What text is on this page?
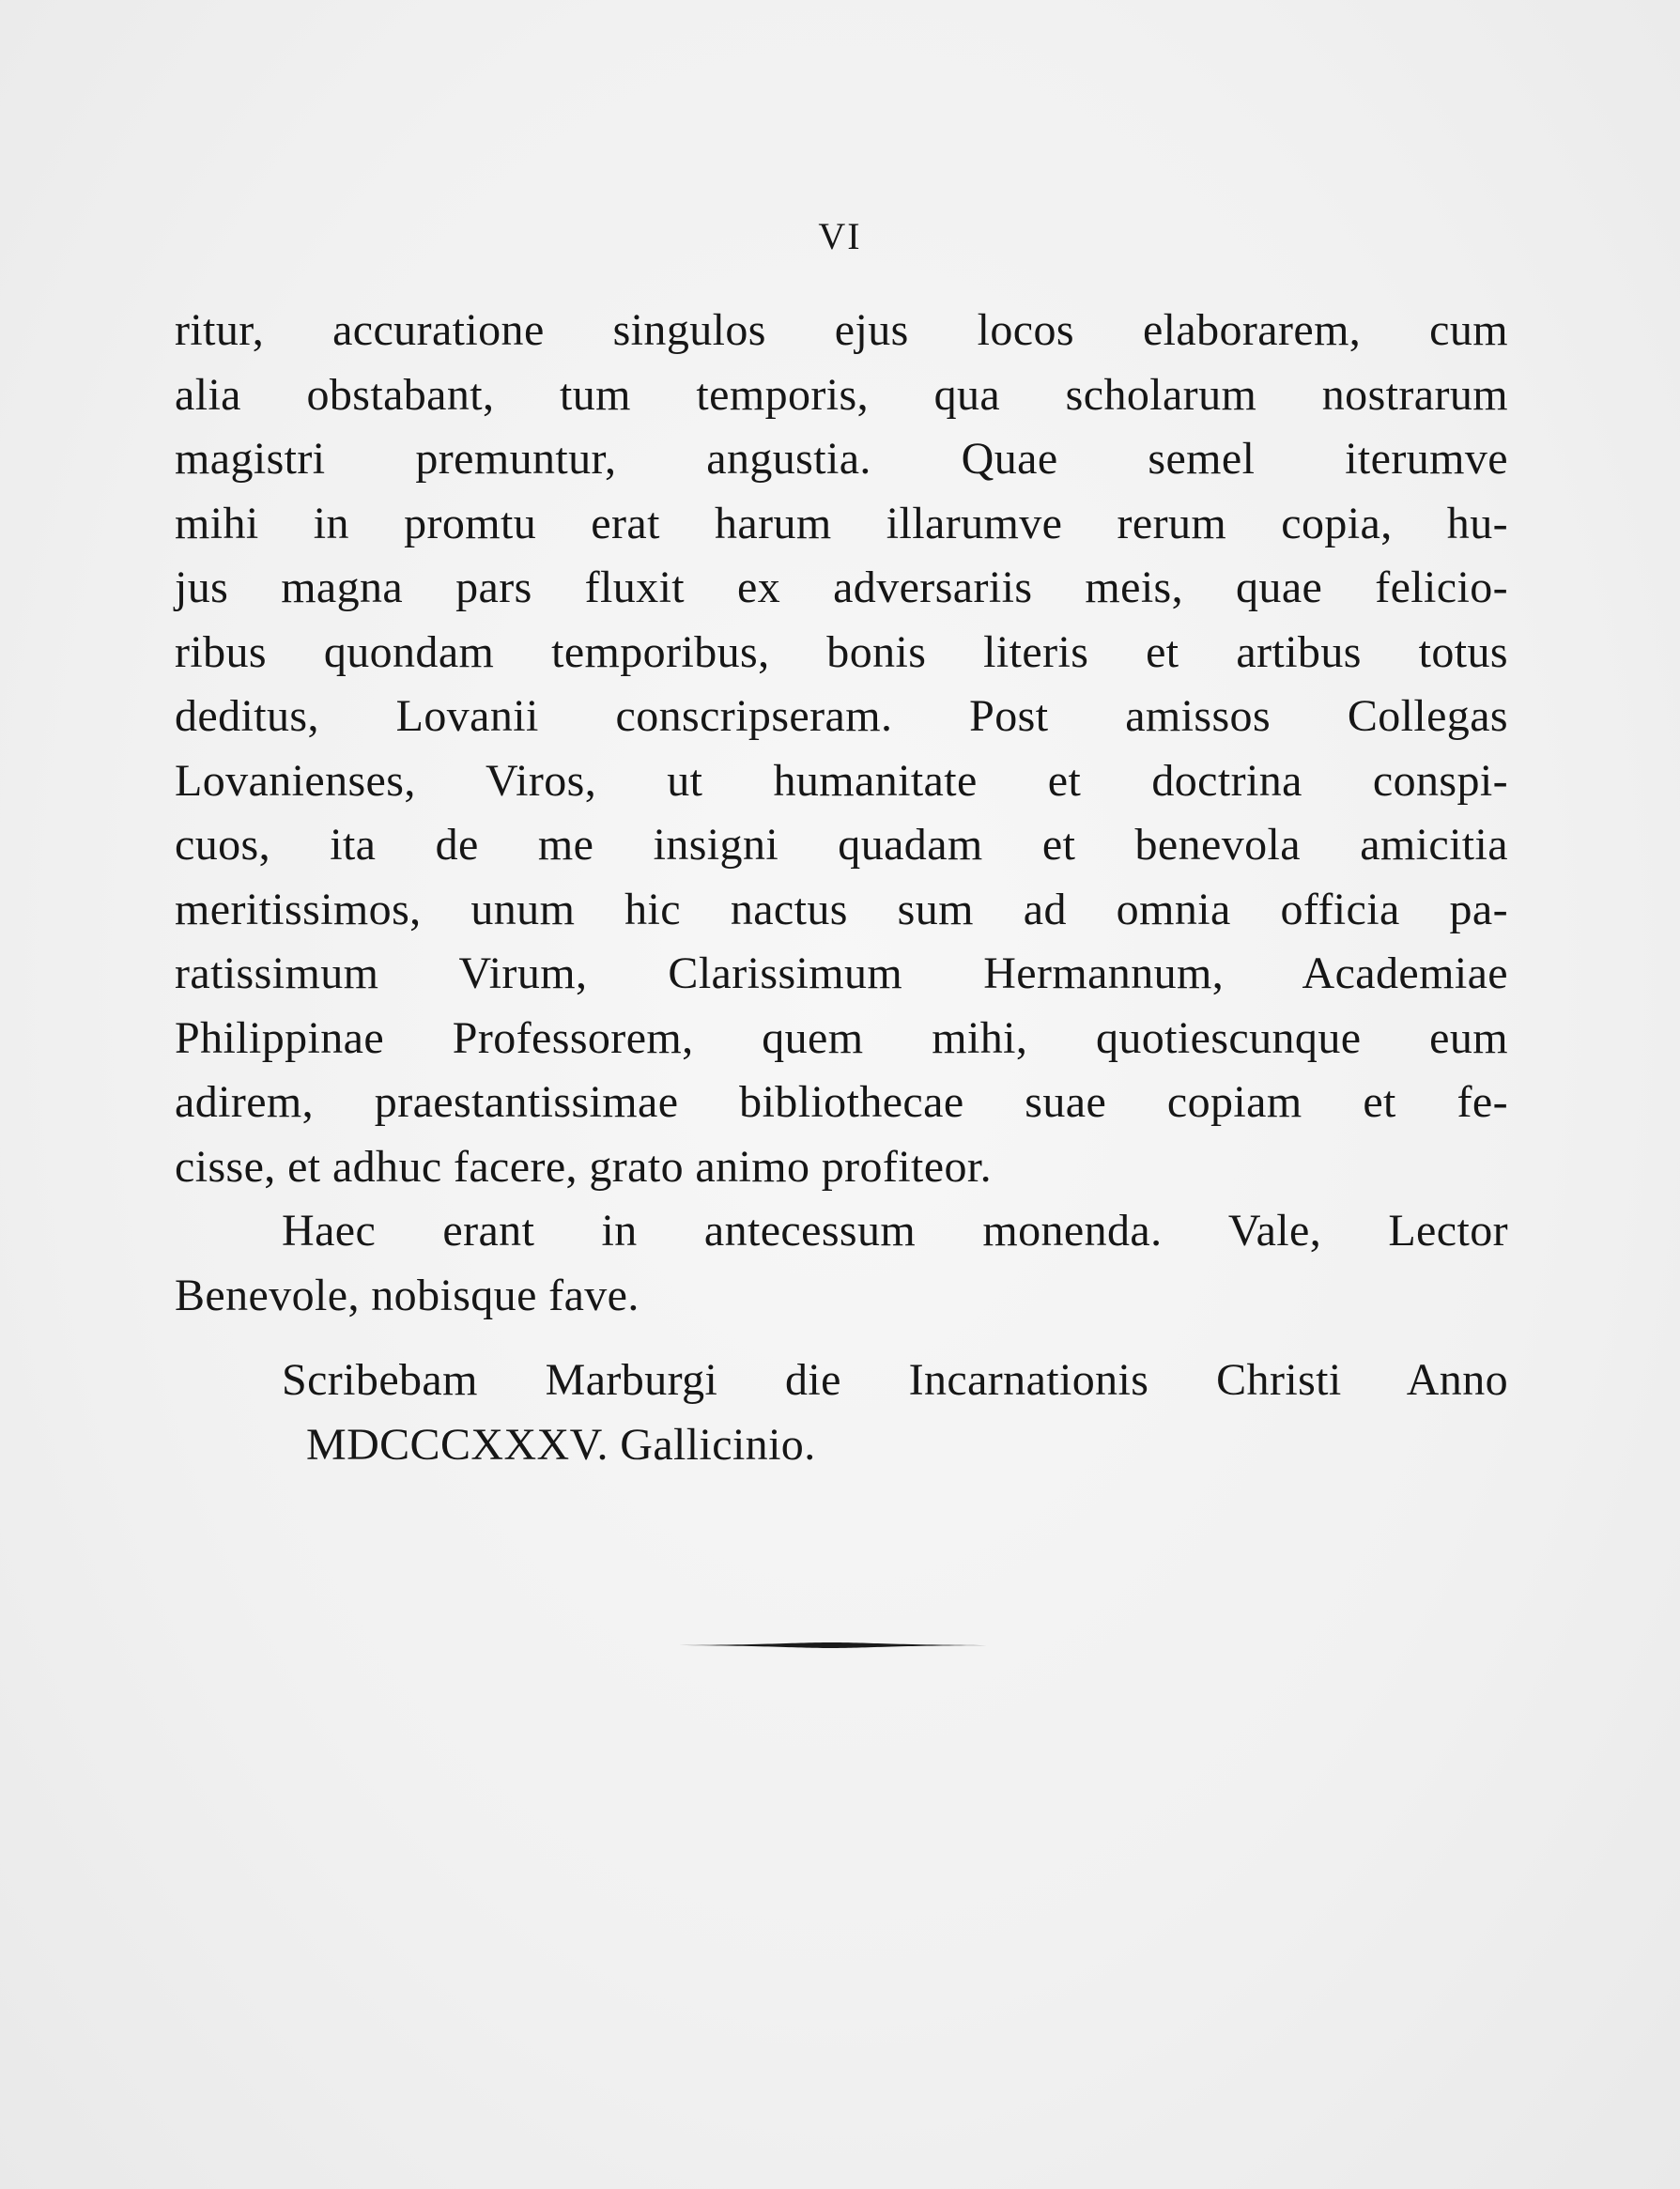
VI
ritur, accuratione singulos ejus locos elaborarem, cum
alia obstabant, tum temporis, qua scholarum nostrarum
magistri premuntur, angustia. Quae semel iterumve
mihi in promtu erat harum illarumve rerum copia, hu-
jus magna pars fluxit ex adversariis meis, quae felicio-
ribus quondam temporibus, bonis literis et artibus totus
deditus, Lovanii conscripseram. Post amissos Collegas
Lovanienses, Viros, ut humanitate et doctrina conspi-
cuos, ita de me insigni quadam et benevola amicitia
meritissimos, unum hic nactus sum ad omnia officia pa-
ratissimum Virum, Clarissimum Hermannum, Academiae
Philippinae Professorem, quem mihi, quotiescunque eum
adirem, praestantissimae bibliothecae suae copiam et fe-
cisse, et adhuc facere, grato animo profiteor.
Haec erant in antecessum monenda. Vale, Lector
Benevole, nobisque fave.
Scribebam Marburgi die Incarnationis Christi Anno
MDCCCXXXV. Gallicinio.
